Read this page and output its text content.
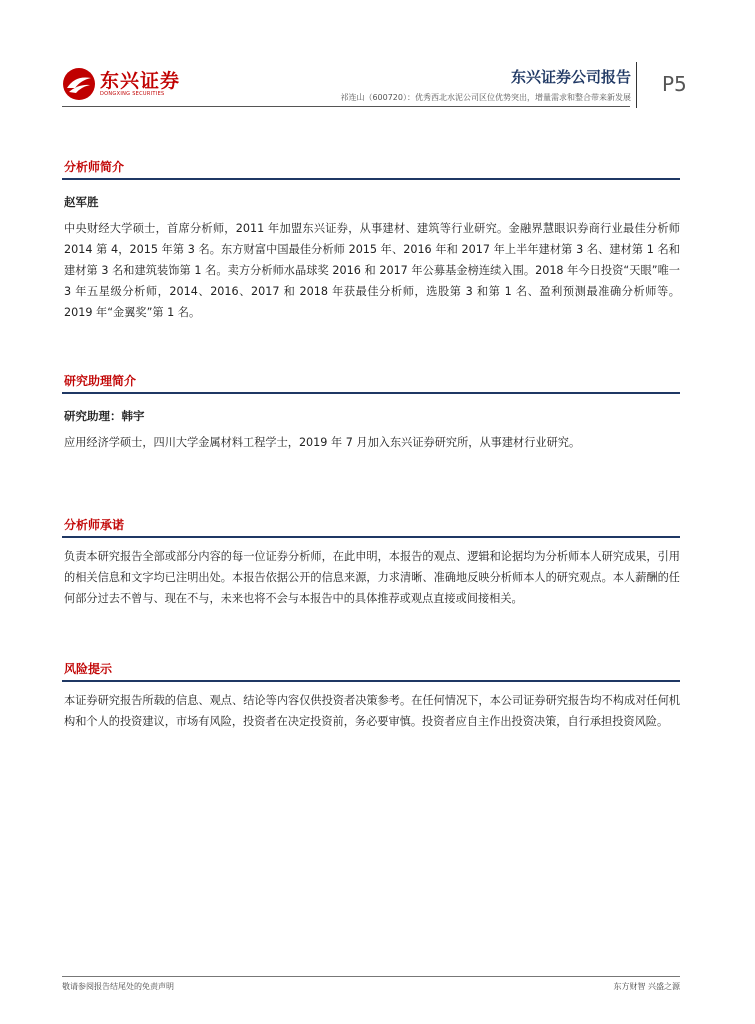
东兴证券
DONGXING SECURITIES
东兴证券公司报告
祁连山（600720）：优秀西北水泥公司区位优势突出，增量需求和整合带来新发展
P5
分析师简介
赵军胜
中央财经大学硕士，首席分析师，2011 年加盟东兴证券，从事建材、建筑等行业研究。金融界慧眼识券商行业最佳分析师2014 第 4，2015 年第 3 名。东方财富中国最佳分析师 2015 年、2016 年和 2017 年上半年建材第 3 名、建材第 1 名和建材第 3 名和建筑装饰第 1 名。卖方分析师水晶球奖 2016 和 2017 年公募基金榜连续入围。2018 年今日投资“天眼”唯一 3 年五星级分析师，2014、2016、2017 和 2018 年获最佳分析师，选股第 3 和第 1 名、盈利预测最准确分析师等。2019 年“金翼奖”第 1 名。
研究助理简介
研究助理：韩宇
应用经济学硕士，四川大学金属材料工程学士，2019 年 7 月加入东兴证券研究所，从事建材行业研究。
分析师承诺
负责本研究报告全部或部分内容的每一位证券分析师，在此申明，本报告的观点、逻辑和论据均为分析师本人研究成果，引用的相关信息和文字均已注明出处。本报告依据公开的信息来源，力求清晰、准确地反映分析师本人的研究观点。本人薪酬的任何部分过去不曾与、现在不与，未来也将不会与本报告中的具体推荐或观点直接或间接相关。
风险提示
本证券研究报告所载的信息、观点、结论等内容仅供投资者决策参考。在任何情况下，本公司证券研究报告均不构成对任何机构和个人的投资建议，市场有风险，投资者在决定投资前，务必要审慎。投资者应自主作出投资决策，自行承担投资风险。
敬请参阅报告结尾处的免责声明	东方财智 兴盛之源
